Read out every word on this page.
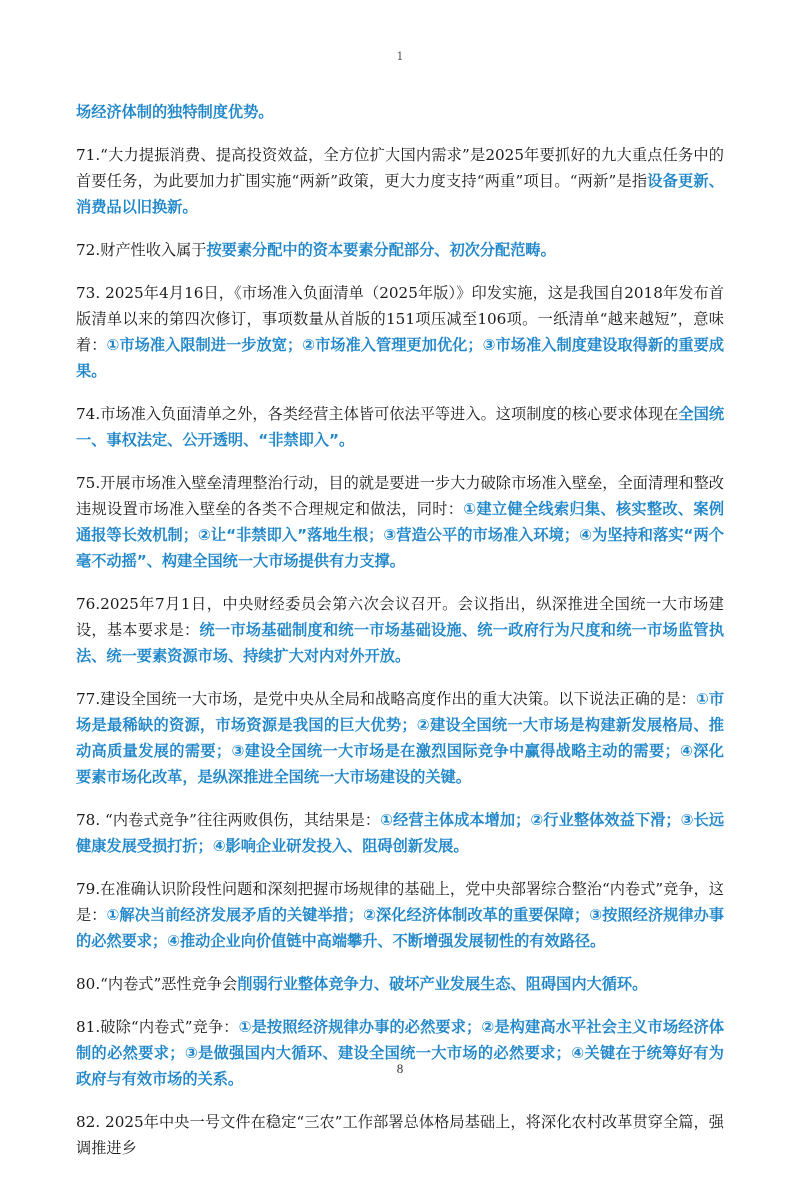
1

场经济体制的独特制度优势。

71.“大力提振消费、提高投资效益，全方位扩大国内需求”是2025年要抓好的九大重点任务中的首要任务，为此要加力扩围实施“两新”政策，更大力度支持“两重”项目。“两新”是指设备更新、消费品以旧换新。

72.财产性收入属于按要素分配中的资本要素分配部分、初次分配范畴。

73. 2025年4月16日，《市场准入负面清单（2025年版）》印发实施，这是我国自2018年发布首版清单以来的第四次修订，事项数量从首版的151项压减至106项。一纸清单“越来越短”，意味着：①市场准入限制进一步放宽；②市场准入管理更加优化；③市场准入制度建设取得新的重要成果。

74.市场准入负面清单之外，各类经营主体皆可依法平等进入。这项制度的核心要求体现在全国统一、事权法定、公开透明、“非禁即入”。

75.开展市场准入壁垒清理整治行动，目的就是要进一步大力破除市场准入壁垒，全面清理和整改违规设置市场准入壁垒的各类不合理规定和做法，同时：①建立健全线索归集、核实整改、案例通报等长效机制；②让“非禁即入”落地生根；③营造公平的市场准入环境；④为坚持和落实“两个毫不动摇”、构建全国统一大市场提供有力支撑。

76.2025年7月1日，中央财经委员会第六次会议召开。会议指出，纵深推进全国统一大市场建设，基本要求是：统一市场基础制度和统一市场基础设施、统一政府行为尺度和统一市场监管执法、统一要素资源市场、持续扩大对内对外开放。

77.建设全国统一大市场，是党中央从全局和战略高度作出的重大决策。以下说法正确的是：①市场是最稀缺的资源，市场资源是我国的巨大优势；②建设全国统一大市场是构建新发展格局、推动高质量发展的需要；③建设全国统一大市场是在激烈国际竞争中赢得战略主动的需要；④深化要素市场化改革，是纵深推进全国统一大市场建设的关键。

78. “内卷式竞争”往往两败俱伤，其结果是：①经营主体成本增加；②行业整体效益下滑；③长远健康发展受损打折；④影响企业研发投入、阻碍创新发展。

79.在准确认识阶段性问题和深刻把握市场规律的基础上，党中央部署综合整治“内卷式”竞争，这是：①解决当前经济发展矛盾的关键举措；②深化经济体制改革的重要保障；③按照经济规律办事的必然要求；④推动企业向价值链中高端攀升、不断增强发展韧性的有效路径。

80.“内卷式”恶性竞争会削弱行业整体竞争力、破坏产业发展生态、阻碍国内大循环。

81.破除“内卷式”竞争：①是按照经济规律办事的必然要求；②是构建高水平社会主义市场经济体制的必然要求；③是做强国内大循环、建设全国统一大市场的必然要求；④关键在于统筹好有为政府与有效市场的关系。

82. 2025年中央一号文件在稳定“三农”工作部署总体格局基础上，将深化农村改革贯穿全篇，强调推进乡

8
